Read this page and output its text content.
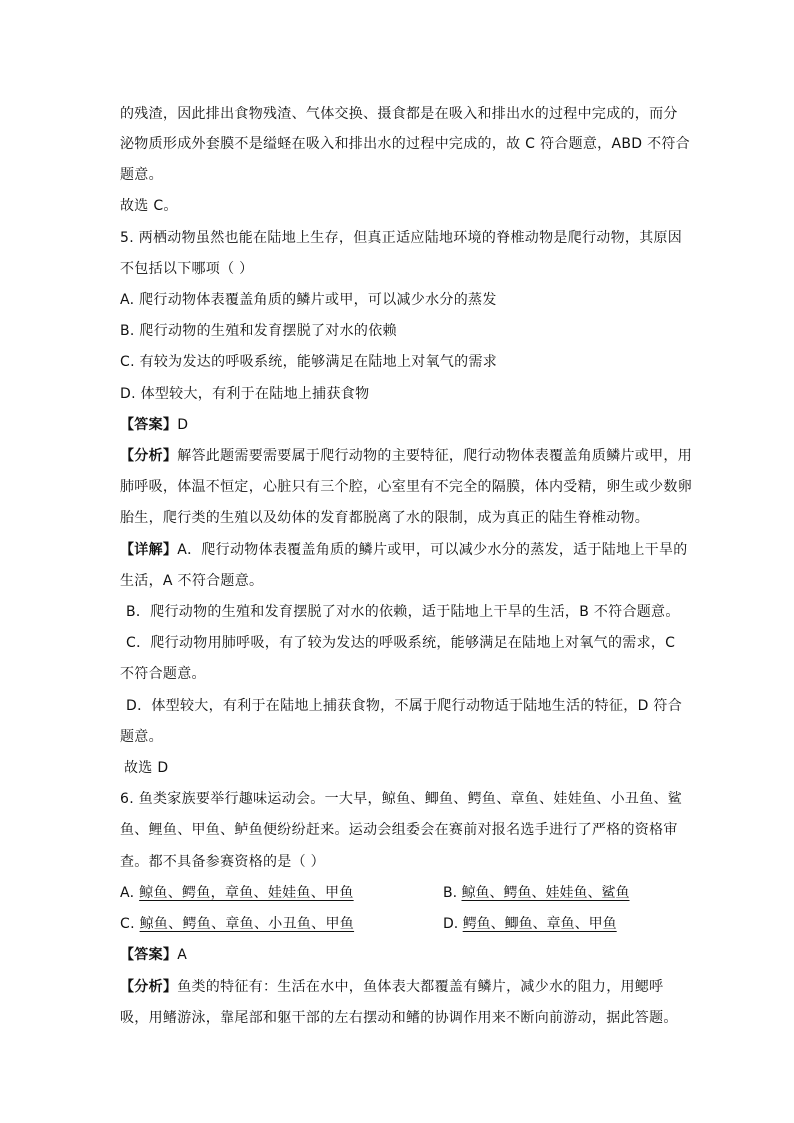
的残渣，因此排出食物残渣、气体交换、摄食都是在吸入和排出水的过程中完成的，而分
泌物质形成外套膜不是缢蛏在吸入和排出水的过程中完成的，故 C 符合题意，ABD 不符合
题意。
故选 C。
5. 两栖动物虽然也能在陆地上生存，但真正适应陆地环境的脊椎动物是爬行动物，其原因
不包括以下哪项（ ）
A. 爬行动物体表覆盖角质的鳞片或甲，可以减少水分的蒸发
B. 爬行动物的生殖和发育摆脱了对水的依赖
C. 有较为发达的呼吸系统，能够满足在陆地上对氧气的需求
D. 体型较大，有利于在陆地上捕获食物
【答案】D
【分析】解答此题需要需要属于爬行动物的主要特征，爬行动物体表覆盖角质鳞片或甲，用
肺呼吸，体温不恒定，心脏只有三个腔，心室里有不完全的隔膜，体内受精，卵生或少数卵
胎生，爬行类的生殖以及幼体的发育都脱离了水的限制，成为真正的陆生脊椎动物。
【详解】A．爬行动物体表覆盖角质的鳞片或甲，可以减少水分的蒸发，适于陆地上干旱的
生活，A 不符合题意。
B．爬行动物的生殖和发育摆脱了对水的依赖，适于陆地上干旱的生活，B 不符合题意。
C．爬行动物用肺呼吸，有了较为发达的呼吸系统，能够满足在陆地上对氧气的需求，C
不符合题意。
D．体型较大，有利于在陆地上捕获食物，不属于爬行动物适于陆地生活的特征，D 符合
题意。
故选 D
6. 鱼类家族要举行趣味运动会。一大早，鲸鱼、鲫鱼、鳄鱼、章鱼、娃娃鱼、小丑鱼、鲨
鱼、鲤鱼、甲鱼、鲈鱼便纷纷赶来。运动会组委会在赛前对报名选手进行了严格的资格审
查。都不具备参赛资格的是（ ）
A. 鲸鱼、鳄鱼，章鱼、娃娃鱼、甲鱼	B. 鲸鱼、鳄鱼、娃娃鱼、鲨鱼
C. 鲸鱼、鳄鱼、章鱼、小丑鱼、甲鱼	D. 鳄鱼、鲫鱼、章鱼、甲鱼
【答案】A
【分析】鱼类的特征有：生活在水中，鱼体表大都覆盖有鳞片，减少水的阻力，用鳃呼
吸，用鳍游泳，靠尾部和躯干部的左右摆动和鳍的协调作用来不断向前游动，据此答题。
